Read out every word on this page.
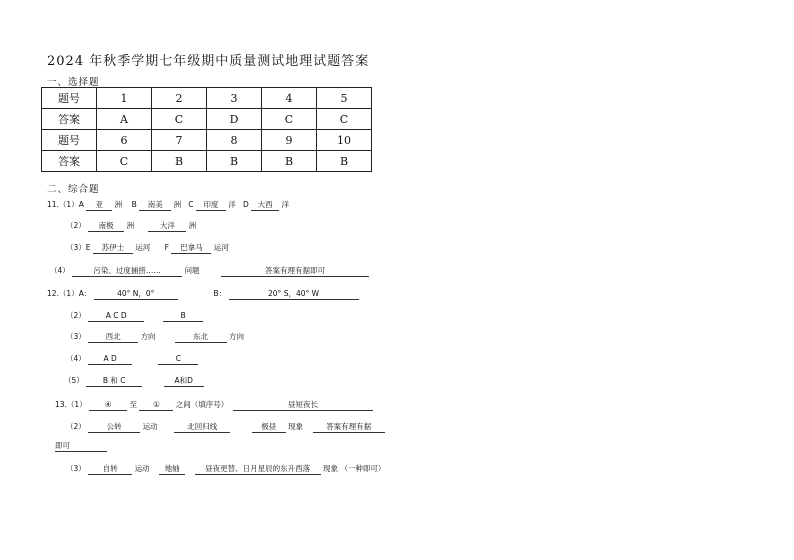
2024 年秋季学期七年级期中质量测试地理试题答案
一、选择题
题号	1	2	3	4	5
答案	A	C	D	C	C
题号	6	7	8	9	10
答案	C	B	B	B	B
二、综合题
11.（1）A 亚 洲 B 南美 洲 C 印度 洋 D 大西 洋
（2） 南极 洲	大洋 洲
（3）E 苏伊士 运河 F 巴拿马 运河
（4）	污染、过度捕捞……	问题	答案有理有据即可
12.（1）A：	40° N，0°	B：	20° S，40° W
（2）	A C D	B
（3）	西北	方向	东北	方向
（4） A D	C
（5）	B 和 C	A和D
13.（1） ④ 至 ① 之间（填序号）	昼短夜长
（2）	公转	运动	北回归线	极昼 现象	答案有理有据
即可
（3） 自转 运动 地轴	昼夜更替、日月星辰的东升西落 现象 （一种即可）
